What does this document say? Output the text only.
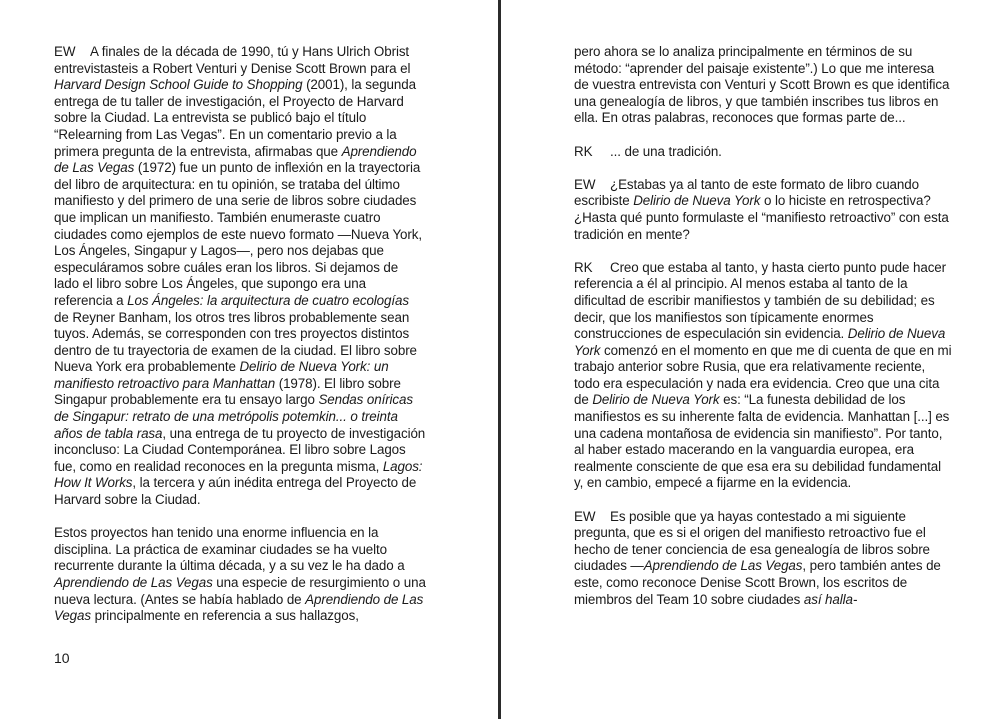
EW A finales de la década de 1990, tú y Hans Ulrich Obrist entrevistasteis a Robert Venturi y Denise Scott Brown para el Harvard Design School Guide to Shopping (2001), la segunda entrega de tu taller de investigación, el Proyecto de Harvard sobre la Ciudad. La entrevista se publicó bajo el título “Relearning from Las Vegas”. En un comentario previo a la primera pregunta de la entrevista, afirmabas que Aprendiendo de Las Vegas (1972) fue un punto de inflexión en la trayectoria del libro de arquitectura: en tu opinión, se trataba del último manifiesto y del primero de una serie de libros sobre ciudades que implican un manifiesto. También enumeraste cuatro ciudades como ejemplos de este nuevo formato —Nueva York, Los Ángeles, Singapur y Lagos—, pero nos dejabas que especuláramos sobre cuáles eran los libros. Si dejamos de lado el libro sobre Los Ángeles, que supongo era una referencia a Los Ángeles: la arquitectura de cuatro ecologías de Reyner Banham, los otros tres libros probablemente sean tuyos. Además, se corresponden con tres proyectos distintos dentro de tu trayectoria de examen de la ciudad. El libro sobre Nueva York era probablemente Delirio de Nueva York: un manifiesto retroactivo para Manhattan (1978). El libro sobre Singapur probablemente era tu ensayo largo Sendas oníricas de Singapur: retrato de una metrópolis potemkin... o treinta años de tabla rasa, una entrega de tu proyecto de investigación inconcluso: La Ciudad Contemporánea. El libro sobre Lagos fue, como en realidad reconoces en la pregunta misma, Lagos: How It Works, la tercera y aún inédita entrega del Proyecto de Harvard sobre la Ciudad.

Estos proyectos han tenido una enorme influencia en la disciplina. La práctica de examinar ciudades se ha vuelto recurrente durante la última década, y a su vez le ha dado a Aprendiendo de Las Vegas una especie de resurgimiento o una nueva lectura. (Antes se había hablado de Aprendiendo de Las Vegas principalmente en referencia a sus hallazgos,

pero ahora se lo analiza principalmente en términos de su método: “aprender del paisaje existente”.) Lo que me interesa de vuestra entrevista con Venturi y Scott Brown es que identifica una genealogía de libros, y que también inscribes tus libros en ella. En otras palabras, reconoces que formas parte de...

RK ... de una tradición.

EW ¿Estabas ya al tanto de este formato de libro cuando escribiste Delirio de Nueva York o lo hiciste en retrospectiva? ¿Hasta qué punto formulaste el “manifiesto retroactivo” con esta tradición en mente?

RK Creo que estaba al tanto, y hasta cierto punto pude hacer referencia a él al principio. Al menos estaba al tanto de la dificultad de escribir manifiestos y también de su debilidad; es decir, que los manifiestos son típicamente enormes construcciones de especulación sin evidencia. Delirio de Nueva York comenzó en el momento en que me di cuenta de que en mi trabajo anterior sobre Rusia, que era relativamente reciente, todo era especulación y nada era evidencia. Creo que una cita de Delirio de Nueva York es: “La funesta debilidad de los manifiestos es su inherente falta de evidencia. Manhattan [...] es una cadena montañosa de evidencia sin manifiesto”. Por tanto, al haber estado macerando en la vanguardia europea, era realmente consciente de que esa era su debilidad fundamental y, en cambio, empecé a fijarme en la evidencia.

EW Es posible que ya hayas contestado a mi siguiente pregunta, que es si el origen del manifiesto retroactivo fue el hecho de tener conciencia de esa genealogía de libros sobre ciudades —Aprendiendo de Las Vegas, pero también antes de este, como reconoce Denise Scott Brown, los escritos de miembros del Team 10 sobre ciudades así halla-

10
